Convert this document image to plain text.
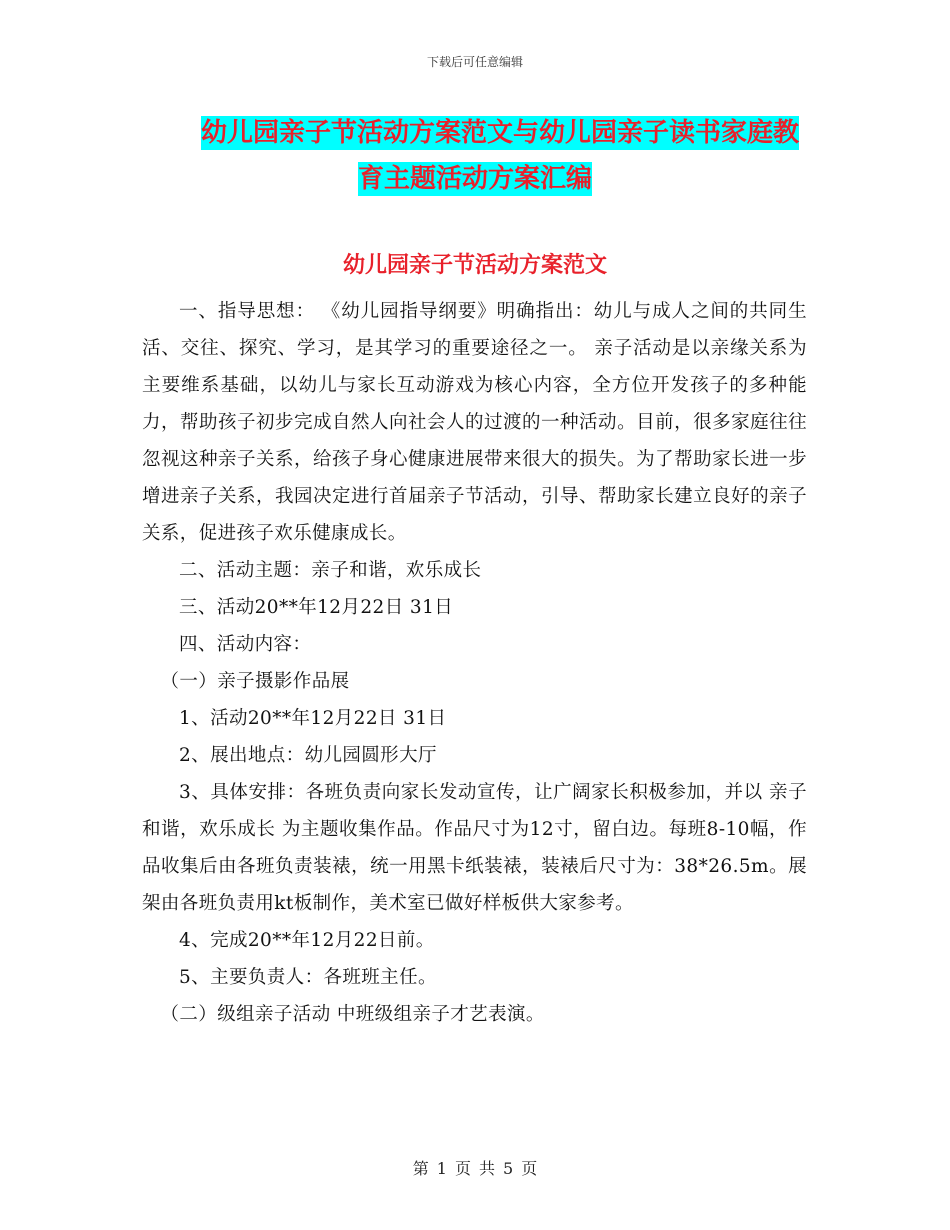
下载后可任意编辑
幼儿园亲子节活动方案范文与幼儿园亲子读书家庭教
育主题活动方案汇编
幼儿园亲子节活动方案范文

一、指导思想： 《幼儿园指导纲要》明确指出：幼儿与成人之间的共同生活、交往、探究、学习，是其学习的重要途径之一。 亲子活动是以亲缘关系为主要维系基础，以幼儿与家长互动游戏为核心内容，全方位开发孩子的多种能力，帮助孩子初步完成自然人向社会人的过渡的一种活动。目前，很多家庭往往忽视这种亲子关系，给孩子身心健康进展带来很大的损失。为了帮助家长进一步增进亲子关系，我园决定进行首届亲子节活动，引导、帮助家长建立良好的亲子关系，促进孩子欢乐健康成长。

二、活动主题：亲子和谐，欢乐成长

三、活动20**年12月22日 31日

四、活动内容：

（一）亲子摄影作品展

1、活动20**年12月22日 31日

2、展出地点：幼儿园圆形大厅

3、具体安排：各班负责向家长发动宣传，让广阔家长积极参加，并以 亲子和谐，欢乐成长 为主题收集作品。作品尺寸为12寸，留白边。每班8-10幅，作品收集后由各班负责装裱，统一用黑卡纸装裱，装裱后尺寸为：38*26.5m。展架由各班负责用kt板制作，美术室已做好样板供大家参考。

4、完成20**年12月22日前。

5、主要负责人：各班班主任。

（二）级组亲子活动 中班级组亲子才艺表演。

第 1 页 共 5 页
